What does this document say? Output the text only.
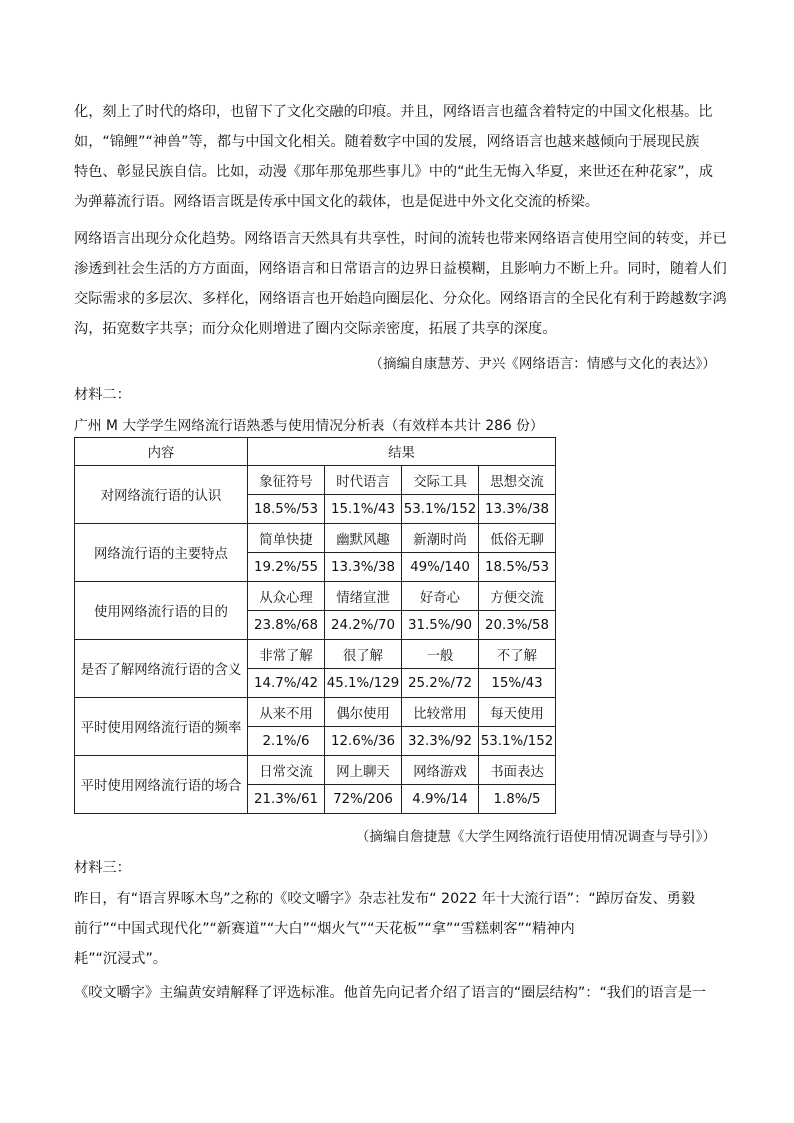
化，刻上了时代的烙印，也留下了文化交融的印痕。并且，网络语言也蕴含着特定的中国文化根基。比
如，“锦鲤”“神兽”等，都与中国文化相关。随着数字中国的发展，网络语言也越来越倾向于展现民族
特色、彰显民族自信。比如，动漫《那年那兔那些事儿》中的“此生无悔入华夏，来世还在种花家”，成
为弹幕流行语。网络语言既是传承中国文化的载体，也是促进中外文化交流的桥梁。
网络语言出现分众化趋势。网络语言天然具有共享性，时间的流转也带来网络语言使用空间的转变，并已
渗透到社会生活的方方面面，网络语言和日常语言的边界日益模糊，且影响力不断上升。同时，随着人们
交际需求的多层次、多样化，网络语言也开始趋向圈层化、分众化。网络语言的全民化有利于跨越数字鸿
沟，拓宽数字共享；而分众化则增进了圈内交际亲密度，拓展了共享的深度。
（摘编自康慧芳、尹兴《网络语言：情感与文化的表达》）
材料二：
广州 M 大学学生网络流行语熟悉与使用情况分析表（有效样本共计 286 份）
内容	结果			
对网络流行语的认识	象征符号	时代语言	交际工具	思想交流
	18.5%/53	15.1%/43	53.1%/152	13.3%/38
网络流行语的主要特点	简单快捷	幽默风趣	新潮时尚	低俗无聊
	19.2%/55	13.3%/38	49%/140	18.5%/53
使用网络流行语的目的	从众心理	情绪宣泄	好奇心	方便交流
	23.8%/68	24.2%/70	31.5%/90	20.3%/58
是否了解网络流行语的含义	非常了解	很了解	一般	不了解
	14.7%/42	45.1%/129	25.2%/72	15%/43
平时使用网络流行语的频率	从来不用	偶尔使用	比较常用	每天使用
	2.1%/6	12.6%/36	32.3%/92	53.1%/152
平时使用网络流行语的场合	日常交流	网上聊天	网络游戏	书面表达
	21.3%/61	72%/206	4.9%/14	1.8%/5
（摘编自詹捷慧《大学生网络流行语使用情况调查与导引》）
材料三：
昨日，有“语言界啄木鸟”之称的《咬文嚼字》杂志社发布“ 2022 年十大流行语”：“踔厉奋发、勇毅
前行”“中国式现代化”“新赛道”“大白”“烟火气”“天花板”“拿”“雪糕刺客”“精神内
耗”“沉浸式”。
《咬文嚼字》主编黄安靖解释了评选标准。他首先向记者介绍了语言的“圈层结构”：“我们的语言是一
